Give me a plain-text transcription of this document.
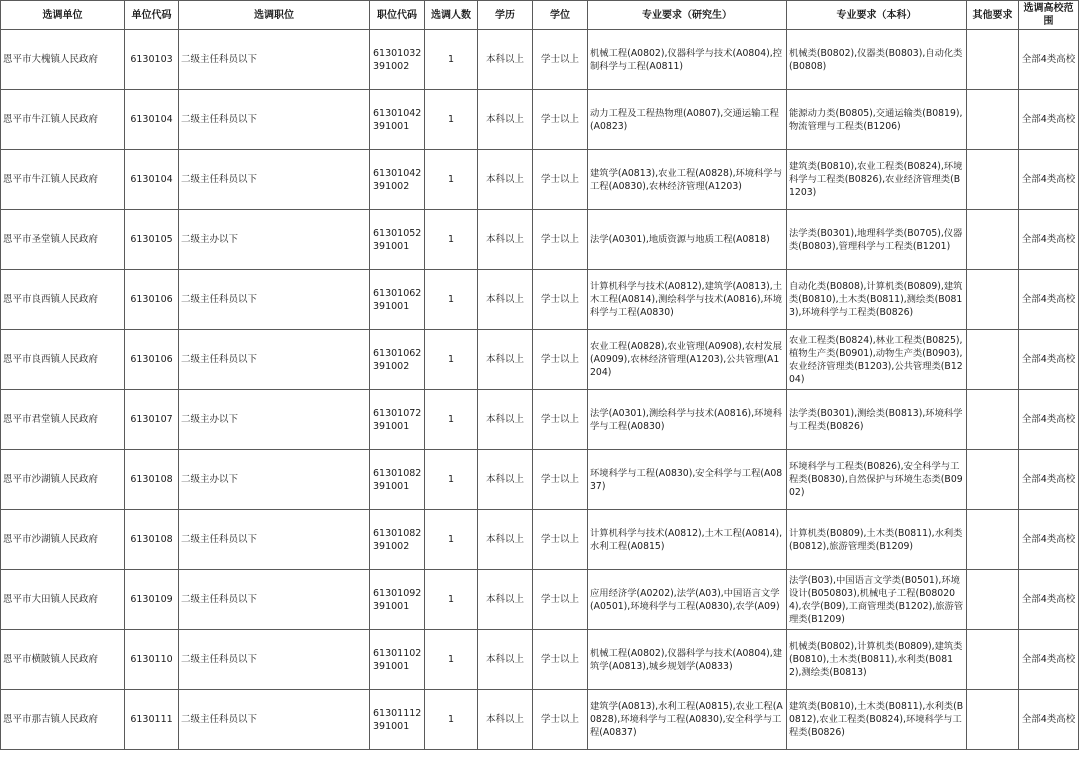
选调单位	单位代码	选调职位	职位代码	选调人数	学历	学位	专业要求（研究生）	专业要求（本科）	其他要求	选调高校范围
恩平市大槐镇人民政府	6130103	二级主任科员以下	61301032391002	1	本科以上	学士以上	机械工程(A0802),仪器科学与技术(A0804),控制科学与工程(A0811)	机械类(B0802),仪器类(B0803),自动化类(B0808)		全部4类高校
恩平市牛江镇人民政府	6130104	二级主任科员以下	61301042391001	1	本科以上	学士以上	动力工程及工程热物理(A0807),交通运输工程(A0823)	能源动力类(B0805),交通运输类(B0819),物流管理与工程类(B1206)		全部4类高校
恩平市牛江镇人民政府	6130104	二级主任科员以下	61301042391002	1	本科以上	学士以上	建筑学(A0813),农业工程(A0828),环境科学与工程(A0830),农林经济管理(A1203)	建筑类(B0810),农业工程类(B0824),环境科学与工程类(B0826),农业经济管理类(B1203)		全部4类高校
恩平市圣堂镇人民政府	6130105	二级主办以下	61301052391001	1	本科以上	学士以上	法学(A0301),地质资源与地质工程(A0818)	法学类(B0301),地理科学类(B0705),仪器类(B0803),管理科学与工程类(B1201)		全部4类高校
恩平市良西镇人民政府	6130106	二级主任科员以下	61301062391001	1	本科以上	学士以上	计算机科学与技术(A0812),建筑学(A0813),土木工程(A0814),测绘科学与技术(A0816),环境科学与工程(A0830)	自动化类(B0808),计算机类(B0809),建筑类(B0810),土木类(B0811),测绘类(B0813),环境科学与工程类(B0826)		全部4类高校
恩平市良西镇人民政府	6130106	二级主任科员以下	61301062391002	1	本科以上	学士以上	农业工程(A0828),农业管理(A0908),农村发展(A0909),农林经济管理(A1203),公共管理(A1204)	农业工程类(B0824),林业工程类(B0825),植物生产类(B0901),动物生产类(B0903),农业经济管理类(B1203),公共管理类(B1204)		全部4类高校
恩平市君堂镇人民政府	6130107	二级主办以下	61301072391001	1	本科以上	学士以上	法学(A0301),测绘科学与技术(A0816),环境科学与工程(A0830)	法学类(B0301),测绘类(B0813),环境科学与工程类(B0826)		全部4类高校
恩平市沙湖镇人民政府	6130108	二级主办以下	61301082391001	1	本科以上	学士以上	环境科学与工程(A0830),安全科学与工程(A0837)	环境科学与工程类(B0826),安全科学与工程类(B0830),自然保护与环境生态类(B0902)		全部4类高校
恩平市沙湖镇人民政府	6130108	二级主任科员以下	61301082391002	1	本科以上	学士以上	计算机科学与技术(A0812),土木工程(A0814),水利工程(A0815)	计算机类(B0809),土木类(B0811),水利类(B0812),旅游管理类(B1209)		全部4类高校
恩平市大田镇人民政府	6130109	二级主任科员以下	61301092391001	1	本科以上	学士以上	应用经济学(A0202),法学(A03),中国语言文学(A0501),环境科学与工程(A0830),农学(A09)	法学(B03),中国语言文学类(B0501),环境设计(B050803),机械电子工程(B080204),农学(B09),工商管理类(B1202),旅游管理类(B1209)		全部4类高校
恩平市横陂镇人民政府	6130110	二级主任科员以下	61301102391001	1	本科以上	学士以上	机械工程(A0802),仪器科学与技术(A0804),建筑学(A0813),城乡规划学(A0833)	机械类(B0802),计算机类(B0809),建筑类(B0810),土木类(B0811),水利类(B0812),测绘类(B0813)		全部4类高校
恩平市那吉镇人民政府	6130111	二级主任科员以下	61301112391001	1	本科以上	学士以上	建筑学(A0813),水利工程(A0815),农业工程(A0828),环境科学与工程(A0830),安全科学与工程(A0837)	建筑类(B0810),土木类(B0811),水利类(B0812),农业工程类(B0824),环境科学与工程类(B0826)		全部4类高校
